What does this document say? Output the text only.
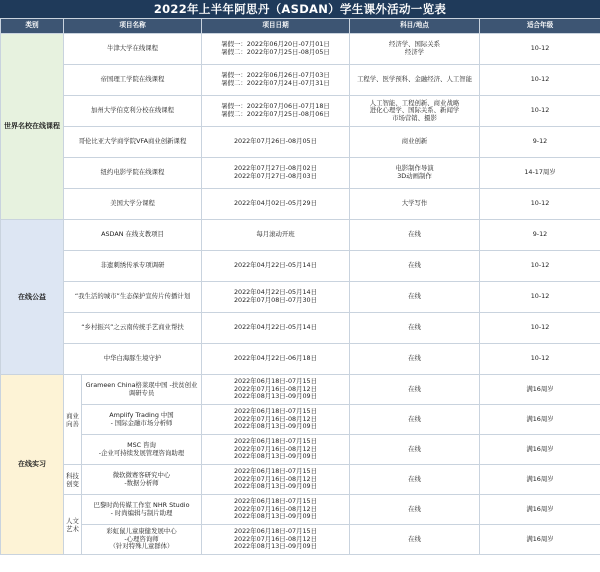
2022年上半年阿思丹（ASDAN）学生课外活动一览表
类别	项目名称		项目日期	科目/地点	适合年级
世界名校在线课程	牛津大学在线课程		暑假一：2022年06月20日-07月01日
暑假二：2022年07月25日-08月05日	经济学、国际关系
经济学	10-12
	帝国理工学院在线课程		暑假一：2022年06月26日-07月03日
暑假二：2022年07月24日-07月31日	工程学、医学预科、金融经济、人工智能	10-12
	加州大学伯克利分校在线课程		暑假一：2022年07月06日-07月18日
暑假二：2022年07月25日-08月06日	人工智能、工程创新、商业战略
进化心理学、国际关系、新闻学
市场营销、摄影	10-12
	哥伦比亚大学商学院VFA商业创新课程		2022年07月26日-08月05日	商业创新	9-12
	纽约电影学院在线课程		2022年07月27日-08月02日
2022年07月27日-08月03日	电影制作导演
3D动画制作	14-17周岁
	美国大学分课程		2022年04月02日-05月29日	大学写作	10-12
在线公益	ASDAN 在线支教项目		每月滚动开班	在线	9-12
	非遗刺绣传承专项调研		2022年04月22日-05月14日	在线	10-12
	“我生活的城市”生态保护宣传片传播计划		2022年04月22日-05月14日
2022年07月08日-07月30日	在线	10-12
	“乡村振兴”之云南传统手艺商业帮扶		2022年04月22日-05月14日	在线	10-12
	中华白海豚生境守护		2022年04月22日-06月18日	在线	10-12
在线实习	商业向善	Grameen China格莱珉中国 -扶贫创业调研专员	2022年06月18日-07月15日
2022年07月16日-08月12日
2022年08月13日-09月09日	在线	满16周岁

		Amplify Trading 中国
- 国际金融市场分析师	2022年06月18日-07月15日
2022年07月16日-08月12日
2022年08月13日-09月09日	在线	满16周岁

		MSC 咨询
-企业可持续发展管理咨询助理	2022年06月18日-07月15日
2022年07月16日-08月12日
2022年08月13日-09月09日	在线	满16周岁
	科技创变	微软微赛客研究中心
-数据分析师	2022年06月18日-07月15日
2022年07月16日-08月12日
2022年08月13日-09月09日	在线	满16周岁
	人文艺术	巴黎时尚传媒工作室 NHR Studio
- 时尚编辑与制片助理	2022年06月18日-07月15日
2022年07月16日-08月12日
2022年08月13日-09月09日	在线	满16周岁

		彩虹鼠儿童康健发展中心
-心理咨询师
（针对特殊儿童群体）	2022年06月18日-07月15日
2022年07月16日-08月12日
2022年08月13日-09月09日	在线	满16周岁
